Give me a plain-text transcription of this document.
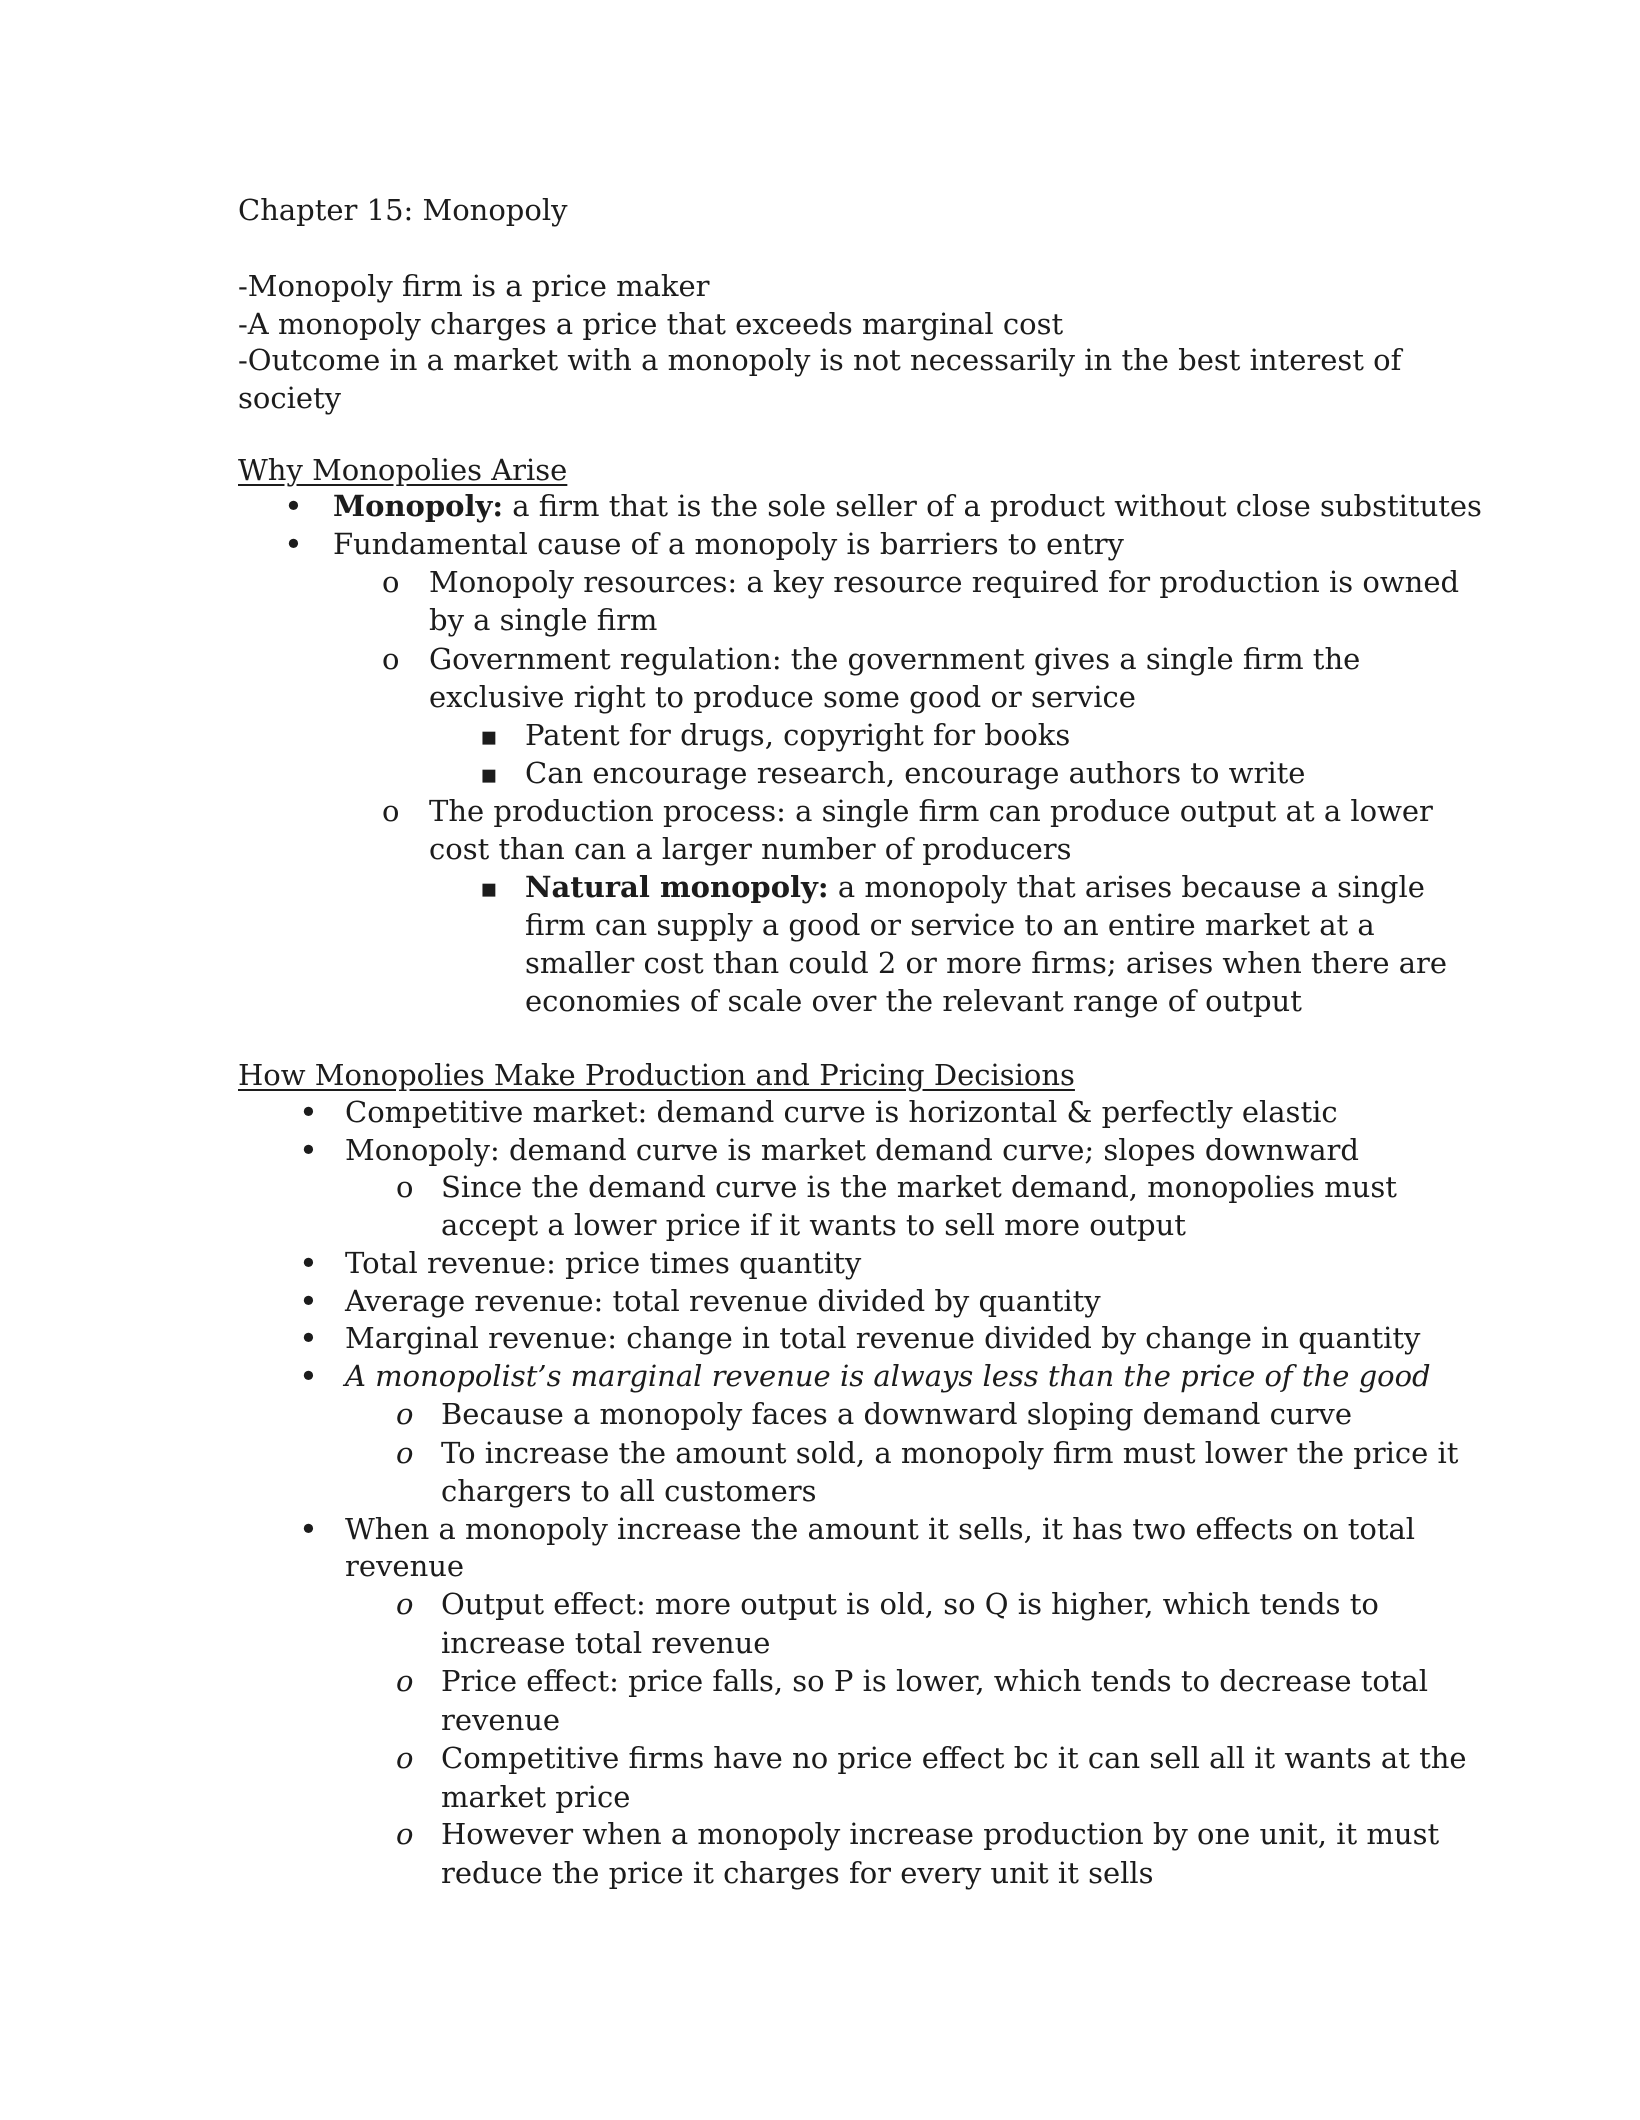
Chapter 15: Monopoly
-Monopoly firm is a price maker
-A monopoly charges a price that exceeds marginal cost
-Outcome in a market with a monopoly is not necessarily in the best interest of
society
Why Monopolies Arise
•
Monopoly: a firm that is the sole seller of a product without close substitutes
•
Fundamental cause of a monopoly is barriers to entry
o
Monopoly resources: a key resource required for production is owned
by a single firm
o
Government regulation: the government gives a single firm the
exclusive right to produce some good or service
▪
Patent for drugs, copyright for books
▪
Can encourage research, encourage authors to write
o
The production process: a single firm can produce output at a lower
cost than can a larger number of producers
▪
Natural monopoly: a monopoly that arises because a single
firm can supply a good or service to an entire market at a
smaller cost than could 2 or more firms; arises when there are
economies of scale over the relevant range of output
How Monopolies Make Production and Pricing Decisions
•
Competitive market: demand curve is horizontal & perfectly elastic
•
Monopoly: demand curve is market demand curve; slopes downward
o
Since the demand curve is the market demand, monopolies must
accept a lower price if it wants to sell more output
•
Total revenue: price times quantity
•
Average revenue: total revenue divided by quantity
•
Marginal revenue: change in total revenue divided by change in quantity
•
A monopolist’s marginal revenue is always less than the price of the good
o
Because a monopoly faces a downward sloping demand curve
o
To increase the amount sold, a monopoly firm must lower the price it
chargers to all customers
•
When a monopoly increase the amount it sells, it has two effects on total
revenue
o
Output effect: more output is old, so Q is higher, which tends to
increase total revenue
o
Price effect: price falls, so P is lower, which tends to decrease total
revenue
o
Competitive firms have no price effect bc it can sell all it wants at the
market price
o
However when a monopoly increase production by one unit, it must
reduce the price it charges for every unit it sells
